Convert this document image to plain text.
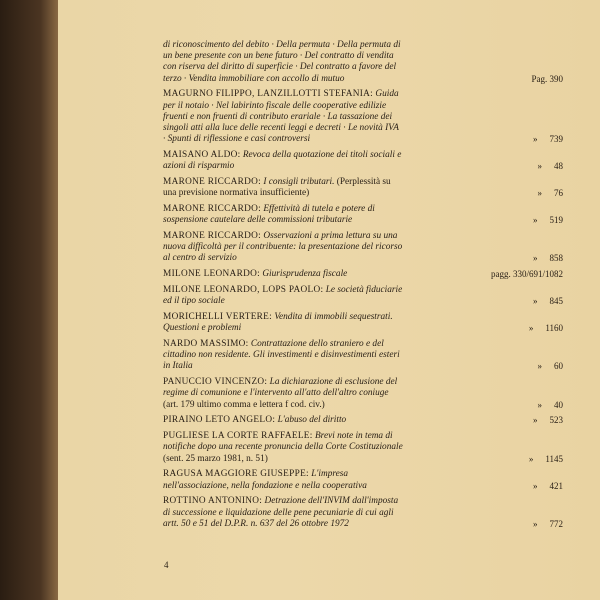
di riconoscimento del debito · Della permuta · Della permuta di un bene presente con un bene futuro · Del contratto di vendita con riserva del diritto di superficie · Del contratto a favore del terzo · Vendita immobiliare con accollo di mutuo	Pag. 390
MAGURNO FILIPPO, LANZILLOTTI STEFANIA: Guida per il notaio · Nel labirinto fiscale delle cooperative edilizie fruenti e non fruenti di contributo erariale · La tassazione dei singoli atti alla luce delle recenti leggi e decreti · Le novità IVA · Spunti di riflessione e casi controversi	» 739
MAISANO ALDO: Revoca della quotazione dei titoli sociali e azioni di risparmio	» 48
MARONE RICCARDO: I consigli tributari. (Perplessità su una previsione normativa insufficiente)	» 76
MARONE RICCARDO: Effettività di tutela e potere di sospensione cautelare delle commissioni tributarie	» 519
MARONE RICCARDO: Osservazioni a prima lettura su una nuova difficoltà per il contribuente: la presentazione del ricorso al centro di servizio	» 858
MILONE LEONARDO: Giurisprudenza fiscale	pagg. 330/691/1082
MILONE LEONARDO, LOPS PAOLO: Le società fiduciarie ed il tipo sociale	» 845
MORICHELLI VERTERE: Vendita di immobili sequestrati. Questioni e problemi	» 1160
NARDO MASSIMO: Contrattazione dello straniero e del cittadino non residente. Gli investimenti e disinvestimenti esteri in Italia	» 60
PANUCCIO VINCENZO: La dichiarazione di esclusione del regime di comunione e l'intervento all'atto dell'altro coniuge (art. 179 ultimo comma e lettera f cod. civ.)	» 40
PIRAINO LETO ANGELO: L'abuso del diritto	» 523
PUGLIESE LA CORTE RAFFAELE: Brevi note in tema di notifiche dopo una recente pronuncia della Corte Costituzionale (sent. 25 marzo 1981, n. 51)	» 1145
RAGUSA MAGGIORE GIUSEPPE: L'impresa nell'associazione, nella fondazione e nella cooperativa	» 421
ROTTINO ANTONINO: Detrazione dell'INVIM dall'imposta di successione e liquidazione delle pene pecuniarie di cui agli artt. 50 e 51 del D.P.R. n. 637 del 26 ottobre 1972	» 772
4
